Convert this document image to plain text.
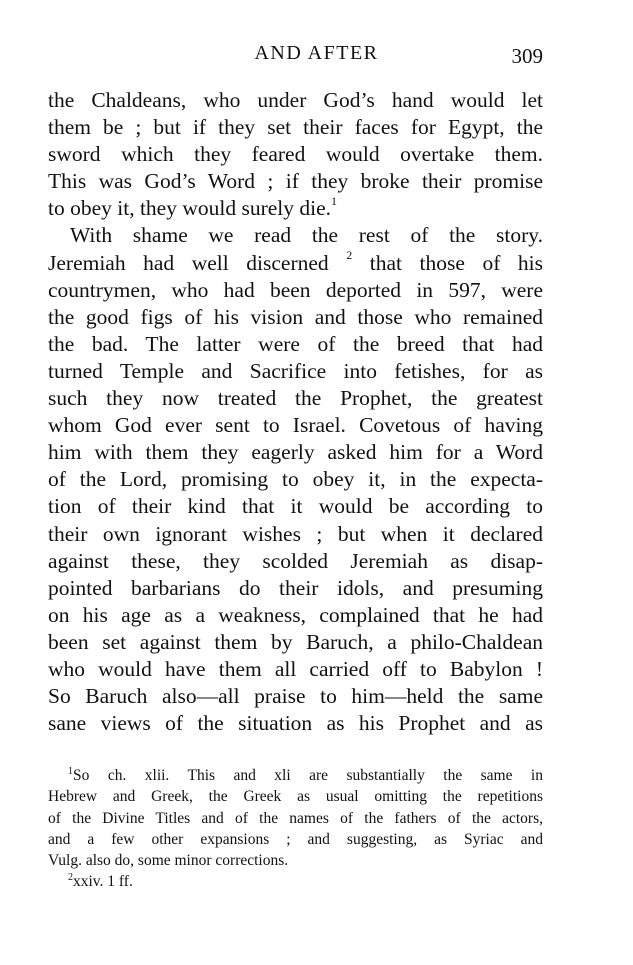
AND AFTER	309
the Chaldeans, who under God’s hand would let
them be ; but if they set their faces for Egypt, the
sword which they feared would overtake them.
This was God’s Word ; if they broke their promise
to obey it, they would surely die.$^1$
With shame we read the rest of the story.
Jeremiah had well discerned $^2$ that those of his
countrymen, who had been deported in 597, were
the good figs of his vision and those who remained
the bad. The latter were of the breed that had
turned Temple and Sacrifice into fetishes, for as
such they now treated the Prophet, the greatest
whom God ever sent to Israel. Covetous of having
him with them they eagerly asked him for a Word
of the Lord, promising to obey it, in the expecta-
tion of their kind that it would be according to
their own ignorant wishes ; but when it declared
against these, they scolded Jeremiah as disap-
pointed barbarians do their idols, and presuming
on his age as a weakness, complained that he had
been set against them by Baruch, a philo-Chaldean
who would have them all carried off to Babylon !
So Baruch also—all praise to him—held the same
sane views of the situation as his Prophet and as
$^1$So ch. xlii. This and xli are substantially the same in
Hebrew and Greek, the Greek as usual omitting the repetitions
of the Divine Titles and of the names of the fathers of the actors,
and a few other expansions ; and suggesting, as Syriac and
Vulg. also do, some minor corrections.
$^2$xxiv. 1 ff.
